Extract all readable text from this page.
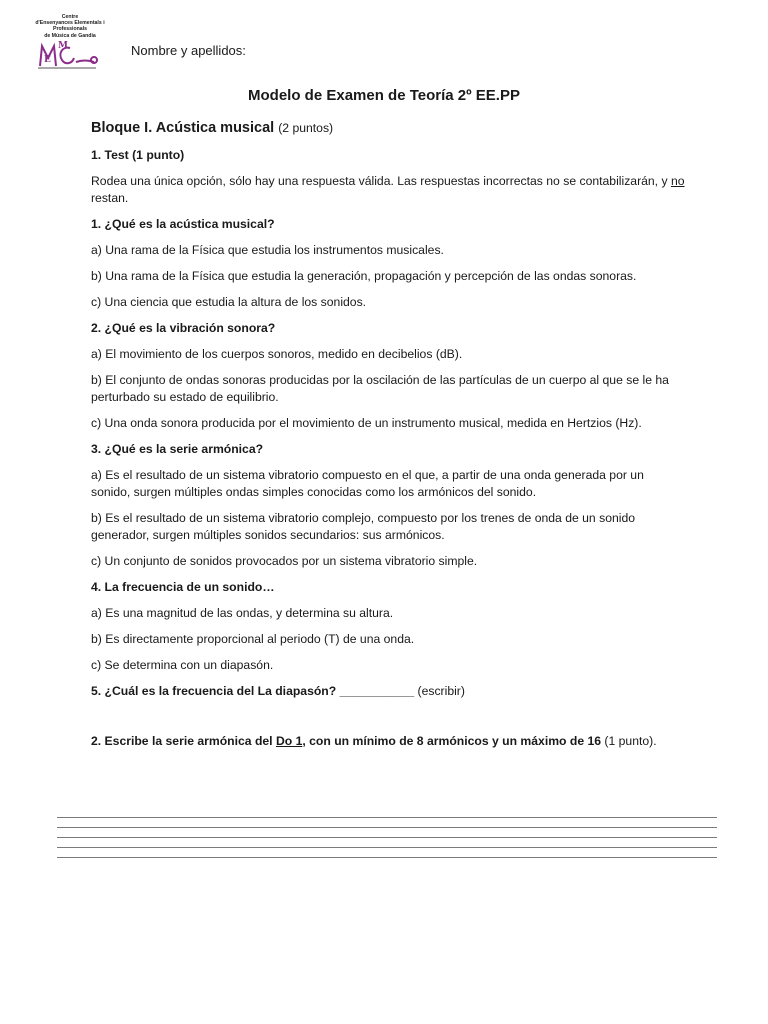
Centre
d'Ensenyances Elementals i Professionals
de Música de Gandia
M
E
Nombre y apellidos:
Modelo de Examen de Teoría 2º EE.PP
Bloque I. Acústica musical (2 puntos)
1. Test (1 punto)
Rodea una única opción, sólo hay una respuesta válida. Las respuestas incorrectas no se contabilizarán, y no restan.
1. ¿Qué es la acústica musical?
a) Una rama de la Física que estudia los instrumentos musicales.
b) Una rama de la Física que estudia la generación, propagación y percepción de las ondas sonoras.
c) Una ciencia que estudia la altura de los sonidos.
2. ¿Qué es la vibración sonora?
a) El movimiento de los cuerpos sonoros, medido en decibelios (dB).
b) El conjunto de ondas sonoras producidas por la oscilación de las partículas de un cuerpo al que se le ha perturbado su estado de equilibrio.
c) Una onda sonora producida por el movimiento de un instrumento musical, medida en Hertzios (Hz).
3. ¿Qué es la serie armónica?
a) Es el resultado de un sistema vibratorio compuesto en el que, a partir de una onda generada por un sonido, surgen múltiples ondas simples conocidas como los armónicos del sonido.
b) Es el resultado de un sistema vibratorio complejo, compuesto por los trenes de onda de un sonido generador, surgen múltiples sonidos secundarios: sus armónicos.
c) Un conjunto de sonidos provocados por un sistema vibratorio simple.
4. La frecuencia de un sonido…
a) Es una magnitud de las ondas, y determina su altura.
b) Es directamente proporcional al periodo (T) de una onda.
c) Se determina con un diapasón.
5. ¿Cuál es la frecuencia del La diapasón? ___________ (escribir)
2. Escribe la serie armónica del Do 1, con un mínimo de 8 armónicos y un máximo de 16 (1 punto).
